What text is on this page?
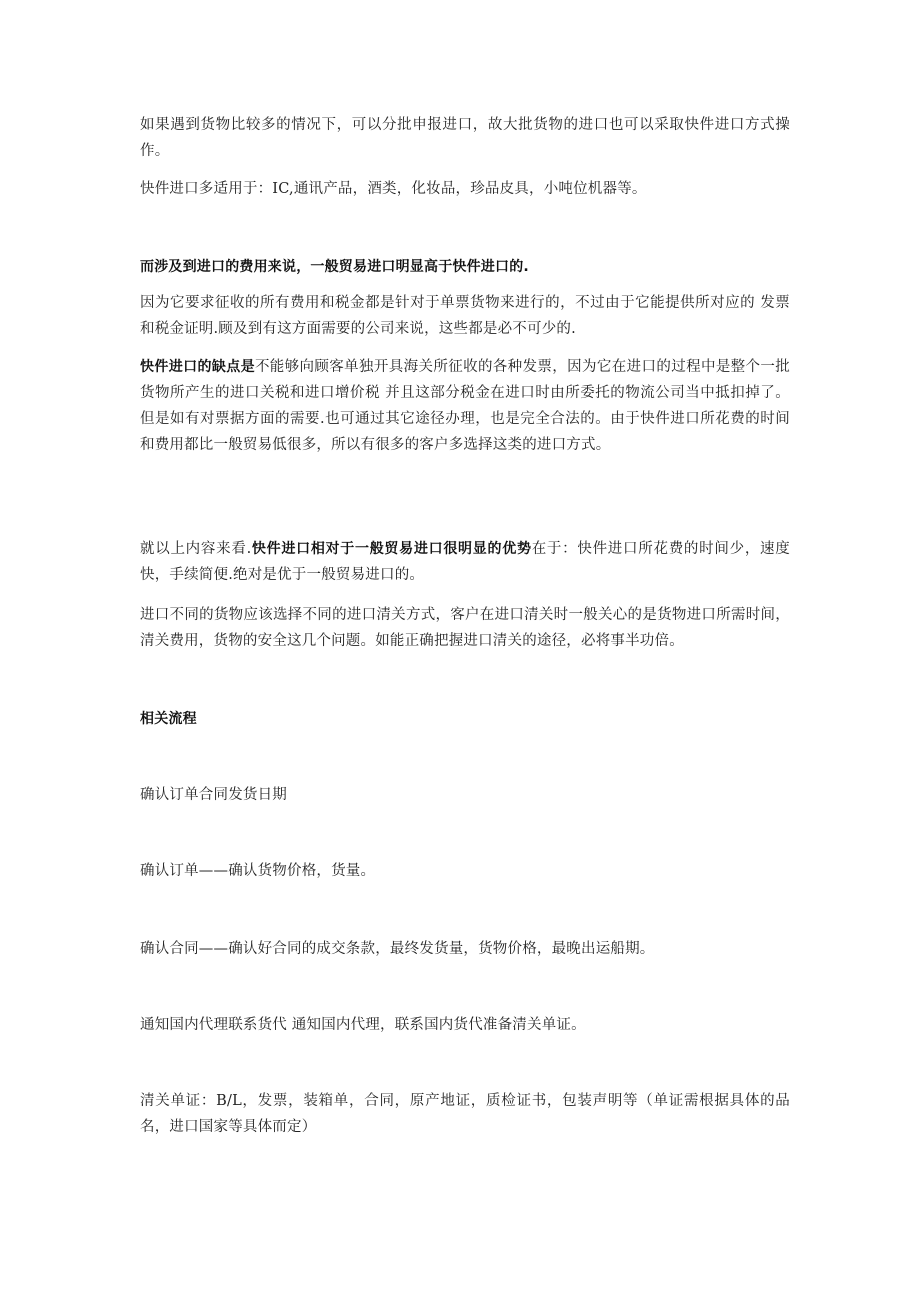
如果遇到货物比较多的情况下，可以分批申报进口，故大批货物的进口也可以采取快件进口方式操作。

快件进口多适用于：IC,通讯产品，酒类，化妆品，珍品皮具，小吨位机器等。

而涉及到进口的费用来说，一般贸易进口明显高于快件进口的.

因为它要求征收的所有费用和税金都是针对于单票货物来进行的，不过由于它能提供所对应的 发票 和税金证明.顾及到有这方面需要的公司来说，这些都是必不可少的.

快件进口的缺点是不能够向顾客单独开具海关所征收的各种发票，因为它在进口的过程中是整个一批货物所产生的进口关税和进口增价税 并且这部分税金在进口时由所委托的物流公司当中抵扣掉了。但是如有对票据方面的需要.也可通过其它途径办理，也是完全合法的。由于快件进口所花费的时间和费用都比一般贸易低很多，所以有很多的客户多选择这类的进口方式。

就以上内容来看.快件进口相对于一般贸易进口很明显的优势在于：快件进口所花费的时间少，速度快，手续简便.绝对是优于一般贸易进口的。

进口不同的货物应该选择不同的进口清关方式，客户在进口清关时一般关心的是货物进口所需时间，清关费用，货物的安全这几个问题。如能正确把握进口清关的途径，必将事半功倍。

相关流程

确认订单合同发货日期

确认订单——确认货物价格，货量。

确认合同——确认好合同的成交条款，最终发货量，货物价格，最晚出运船期。

通知国内代理联系货代 通知国内代理，联系国内货代准备清关单证。

清关单证：B/L，发票，装箱单，合同，原产地证，质检证书，包装声明等（单证需根据具体的品名，进口国家等具体而定）
